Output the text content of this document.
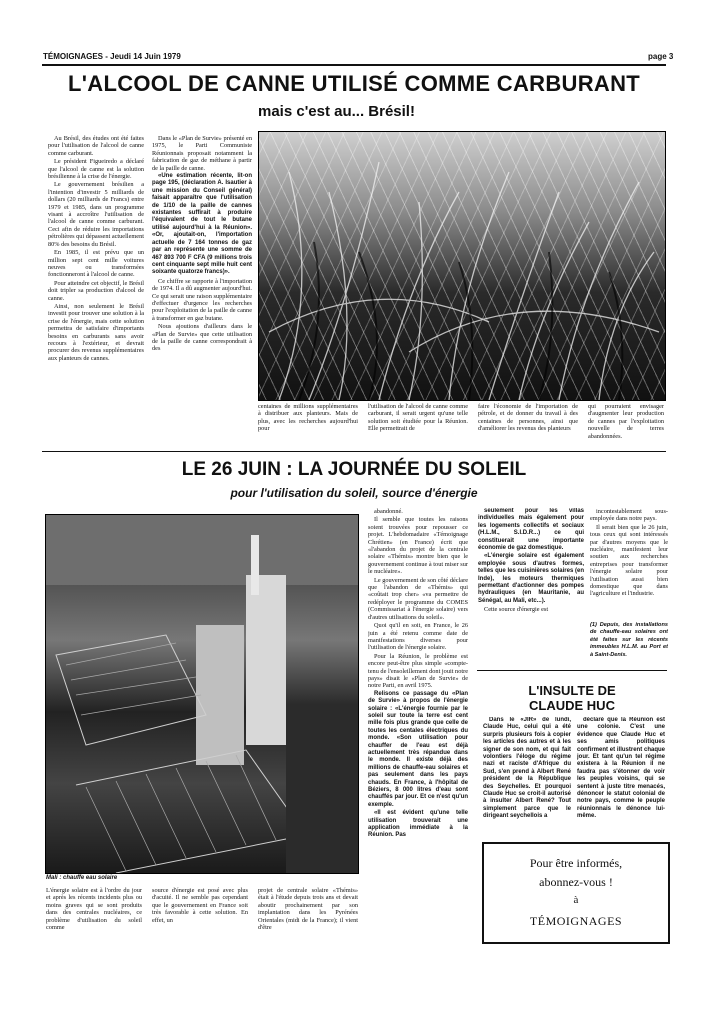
TÉMOIGNAGES - Jeudi 14 Juin 1979	page 3
L'ALCOOL DE CANNE UTILISÉ COMME CARBURANT
mais c'est au... Brésil!

Au Brésil, des études ont été faites pour l'utilisation de l'alcool de canne comme carburant.

Le président Figueiredo a déclaré que l'alcool de canne est la solution brésilienne à la crise de l'énergie.

Le gouvernement brésilien a l'intention d'investir 5 milliards de dollars (20 milliards de Francs) entre 1979 et 1985, dans un programme visant à accroître l'utilisation de l'alcool de canne comme carburant. Ceci afin de réduire les importations pétrolières qui dépassent actuellement 80% des besoins du Brésil.

En 1985, il est prévu que un million sept cent mille voitures neuves ou transformées fonctionneront à l'alcool de canne.

Pour atteindre cet objectif, le Brésil doit tripler sa production d'alcool de canne.

Ainsi, non seulement le Brésil investit pour trouver une solution à la crise de l'énergie, mais cette solution permettra de satisfaire d'importants besoins en carburants sans avoir recours à l'extérieur, et devrait procurer des revenus supplémentaires aux planteurs de cannes.

Dans le «Plan de Survie» présenté en 1975, le Parti Communiste Réunionnais proposait notamment la fabrication de gaz de méthane à partir de la paille de canne.

«Une estimation récente, lit-on page 195, (déclaration A. Isautier à une mission du Conseil général) faisait apparaître que l'utilisation de 1/10 de la paille de cannes existantes suffirait à produire l'équivalent de tout le butane utilisé aujourd'hui à la Réunion». «Or, ajoutait-on, l'importation actuelle de 7 164 tonnes de gaz par an représente une somme de 467 893 700 F CFA (9 millions trois cent cinquante sept mille huit cent soixante quatorze francs)».

Ce chiffre se rapporte à l'importation de 1974. Il a dû augmenter aujourd'hui. Ce qui serait une raison supplémentaire d'effectuer d'urgence les recherches pour l'exploitation de la paille de canne à transformer en gaz butane.

Nous ajoutions d'ailleurs dans le «Plan de Survie» que cette utilisation de la paille de canne correspondrait à des

centaines de millions supplémentaires à distribuer aux planteurs. Mais de plus, avec les recherches aujourd'hui pour
l'utilisation de l'alcool de canne comme carburant, il serait urgent qu'une telle solution soit étudiée pour la Réunion. Elle permettrait de
faire l'économie de l'importation de pétrole, et de donner du travail à des centaines de personnes, ainsi que d'améliorer les revenus des planteurs
qui pourraient envisager d'augmenter leur production de cannes par l'exploitation nouvelle de terres abandonnées.
LE 26 JUIN : LA JOURNÉE DU SOLEIL
pour l'utilisation du soleil, source d'énergie
Mali : chauffe eau solaire
L'énergie solaire est à l'ordre du jour et après les récents incidents plus ou moins graves qui se sont produits dans des centrales nucléaires, ce problème d'utilisation du soleil comme
source d'énergie est posé avec plus d'acuité. Il ne semble pas cependant que le gouvernement en France soit très favorable à cette solution. En effet, un
projet de centrale solaire «Thémis» était à l'étude depuis trois ans et devait aboutir prochainement par son implantation dans les Pyrénées Orientales (midi de la France); il vient d'être

abandonné.

Il semble que toutes les raisons soient trouvées pour repousser ce projet. L'hebdomadaire «Témoignage Chrétien» (en France) écrit que «l'abandon du projet de la centrale solaire «Thémis» montre bien que le gouvernement continue à tout miser sur le nucléaire».

Le gouvernement de son côté déclare que l'abandon de «Thémis» qui «coûtait trop cher» «va permettre de redéployer le programme du COMES (Commissariat à l'énergie solaire) vers d'autres utilisations du soleil».

Quoi qu'il en soit, en France, le 26 juin a été retenu comme date de manifestations diverses pour l'utilisation de l'énergie solaire.

Pour la Réunion, le problème est encore peut-être plus simple «compte-tenu de l'ensoleillement dont jouit notre pays» disait le «Plan de Survie» de notre Parti, en avril 1975.

Relisons ce passage du «Plan de Survie» à propos de l'énergie solaire : «L'énergie fournie par le soleil sur toute la terre est cent mille fois plus grande que celle de toutes les centales électriques du monde. «Son utilisation pour chauffer de l'eau est déjà actuellement très répandue dans le monde. Il existe déjà des millions de chauffe-eau solaires et pas seulement dans les pays chauds. En France, à l'hôpital de Béziers, 8 000 litres d'eau sont chauffés par jour. Et ce n'est qu'un exemple.

«Il est évident qu'une telle utilisation trouverait une application immédiate à la Réunion. Pas

seulement pour les villas individuelles mais également pour les logements collectifs et sociaux (H.L.M., S.I.D.R...) ce qui constituerait une importante économie de gaz domestique.

«L'énergie solaire est également employée sous d'autres formes, telles que les cuisinières solaires (en Inde), les moteurs thermiques permettant d'actionner des pompes hydrauliques (en Mauritanie, au Sénégal, au Mali, etc...).

Cette source d'énergie est

incontestablement sous-employée dans notre pays.

Il serait bien que le 26 juin, tous ceux qui sont intéressés par d'autres moyens que le nucléaire, manifestent leur soutien aux recherches entreprises pour transformer l'énergie solaire pour l'utilisation aussi bien domestique que dans l'agriculture et l'industrie.

(1) Depuis, des installations de chauffe-eau solaires ont été faites sur les récents immeubles H.L.M. au Port et à Saint-Denis.
L'INSULTE DE CLAUDE HUC

Dans le «JIR» de lundi, Claude Huc, celui qui a été surpris plusieurs fois à copier les articles des autres et à les signer de son nom, et qui fait volontiers l'éloge du régime nazi et raciste d'Afrique du Sud, s'en prend à Albert René président de la République des Seychelles. Et pourquoi Claude Huc se croit-il autorisé à insulter Albert René? Tout simplement parce que le dirigeant seychellois a

déclaré que la Réunion est une colonie. C'est une évidence que Claude Huc et ses amis politiques confirment et illustrent chaque jour. Et tant qu'un tel régime existera à la Réunion il ne faudra pas s'étonner de voir les peuples voisins, qui se sentent à juste titre menacés, dénoncer le statut colonial de notre pays, comme le peuple réunionnais le dénonce lui-même.

Pour être informés,
abonnez-vous !
à
TÉMOIGNAGES
